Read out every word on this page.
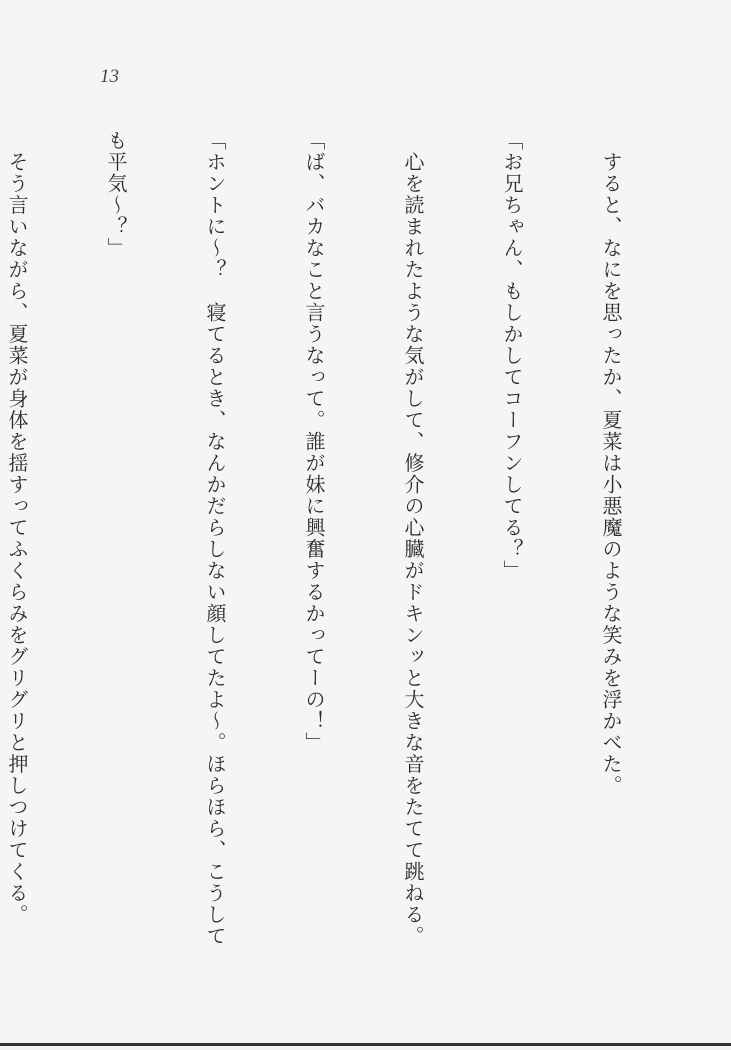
13

　すると、なにを思ったか、夏菜は小悪魔のような笑みを浮かべた。

「お兄ちゃん、もしかしてコーフンしてる？」

　心を読まれたような気がして、修介の心臓がドキンッと大きな音をたてて跳ねる。

「ば、バカなこと言うなって。誰が妹に興奮するかってーの！」

「ホントに〜？　寝てるとき、なんかだらしない顔してたよ〜。ほらほら、こうして

も平気〜？」

　そう言いながら、夏菜が身体を揺すってふくらみをグリグリと押しつけてくる。
